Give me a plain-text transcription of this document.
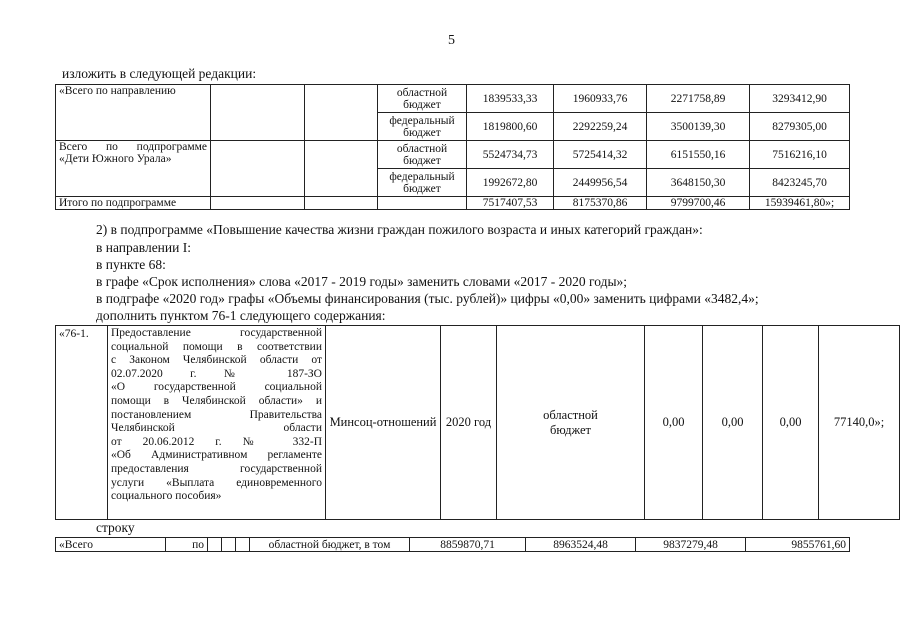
5
изложить в следующей редакции:
«Всего по направлению			областной бюджет	1839533,33	1960933,76	2271758,89	3293412,90
			федеральный бюджет	1819800,60	2292259,24	3500139,30	8279305,00
Всего по подпрограмме «Дети Южного Урала»			областной бюджет	5524734,73	5725414,32	6151550,16	7516216,10
			федеральный бюджет	1992672,80	2449956,54	3648150,30	8423245,70
Итого по подпрограмме				7517407,53	8175370,86	9799700,46	15939461,80»;
2) в подпрограмме «Повышение качества жизни граждан пожилого возраста и иных категорий граждан»:
в направлении I:
в пункте 68:
в графе «Срок исполнения» слова «2017 - 2019 годы» заменить словами «2017 - 2020 годы»;
в подграфе «2020 год» графы «Объемы финансирования (тыс. рублей)» цифры «0,00» заменить цифрами «3482,4»;
дополнить пунктом 76-1 следующего содержания:
«76-1.	Предоставление государственной
социальной помощи в соответствии
с Законом Челябинской области от
02.07.2020 г. № 187-ЗО
«О государственной социальной
помощи в Челябинской области» и
постановлением Правительства
Челябинской области
от 20.06.2012 г. № 332-П
«Об Административном регламенте
предоставления государственной
услуги «Выплата единовременного
социального пособия»
	Минсоц-отношений	2020 год	областной бюджет	0,00	0,00	0,00	77140,0»;
строку
«Всего	по				областной бюджет, в том	8859870,71	8963524,48	9837279,48	9855761,60
